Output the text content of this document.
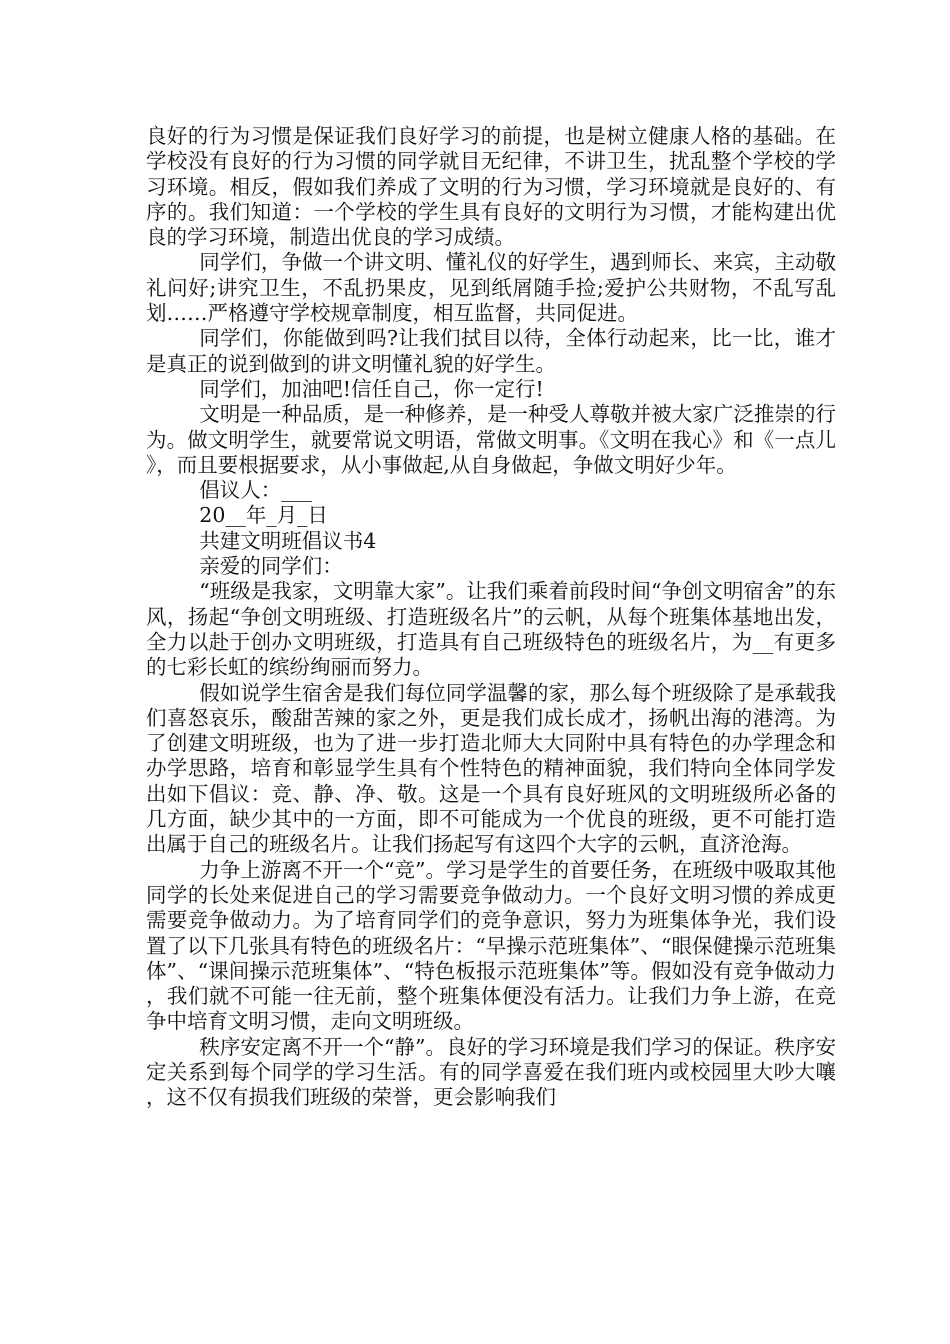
良好的行为习惯是保证我们良好学习的前提，也是树立健康人格的基础。在学校没有良好的行为习惯的同学就目无纪律，不讲卫生，扰乱整个学校的学习环境。相反，假如我们养成了文明的行为习惯，学习环境就是良好的、有序的。我们知道：一个学校的学生具有良好的文明行为习惯，才能构建出优良的学习环境，制造出优良的学习成绩。

同学们，争做一个讲文明、懂礼仪的好学生，遇到师长、来宾，主动敬礼问好;讲究卫生，不乱扔果皮，见到纸屑随手捡;爱护公共财物，不乱写乱划……严格遵守学校规章制度，相互监督，共同促进。

同学们，你能做到吗?让我们拭目以待，全体行动起来，比一比，谁才是真正的说到做到的讲文明懂礼貌的好学生。

同学们，加油吧!信任自己，你一定行!

文明是一种品质，是一种修养，是一种受人尊敬并被大家广泛推崇的行为。做文明学生，就要常说文明语，常做文明事。《文明在我心》和《一点儿》，而且要根据要求，从小事做起,从自身做起，争做文明好少年。

倡议人：___

20__年_月_日

共建文明班倡议书4

亲爱的同学们：

“班级是我家，文明靠大家”。让我们乘着前段时间“争创文明宿舍”的东风，扬起“争创文明班级、打造班级名片”的云帆，从每个班集体基地出发，全力以赴于创办文明班级，打造具有自己班级特色的班级名片，为__有更多的七彩长虹的缤纷绚丽而努力。

假如说学生宿舍是我们每位同学温馨的家，那么每个班级除了是承载我们喜怒哀乐，酸甜苦辣的家之外，更是我们成长成才，扬帆出海的港湾。为了创建文明班级，也为了进一步打造北师大大同附中具有特色的办学理念和办学思路，培育和彰显学生具有个性特色的精神面貌，我们特向全体同学发出如下倡议：竞、静、净、敬。这是一个具有良好班风的文明班级所必备的几方面，缺少其中的一方面，即不可能成为一个优良的班级，更不可能打造出属于自己的班级名片。让我们扬起写有这四个大字的云帆，直济沧海。

力争上游离不开一个“竞”。学习是学生的首要任务，在班级中吸取其他同学的长处来促进自己的学习需要竞争做动力。一个良好文明习惯的养成更需要竞争做动力。为了培育同学们的竞争意识，努力为班集体争光，我们设置了以下几张具有特色的班级名片：“早操示范班集体”、“眼保健操示范班集体”、“课间操示范班集体”、“特色板报示范班集体”等。假如没有竞争做动力，我们就不可能一往无前，整个班集体便没有活力。让我们力争上游，在竞争中培育文明习惯，走向文明班级。

秩序安定离不开一个“静”。良好的学习环境是我们学习的保证。秩序安定关系到每个同学的学习生活。有的同学喜爱在我们班内或校园里大吵大嚷，这不仅有损我们班级的荣誉，更会影响我们
